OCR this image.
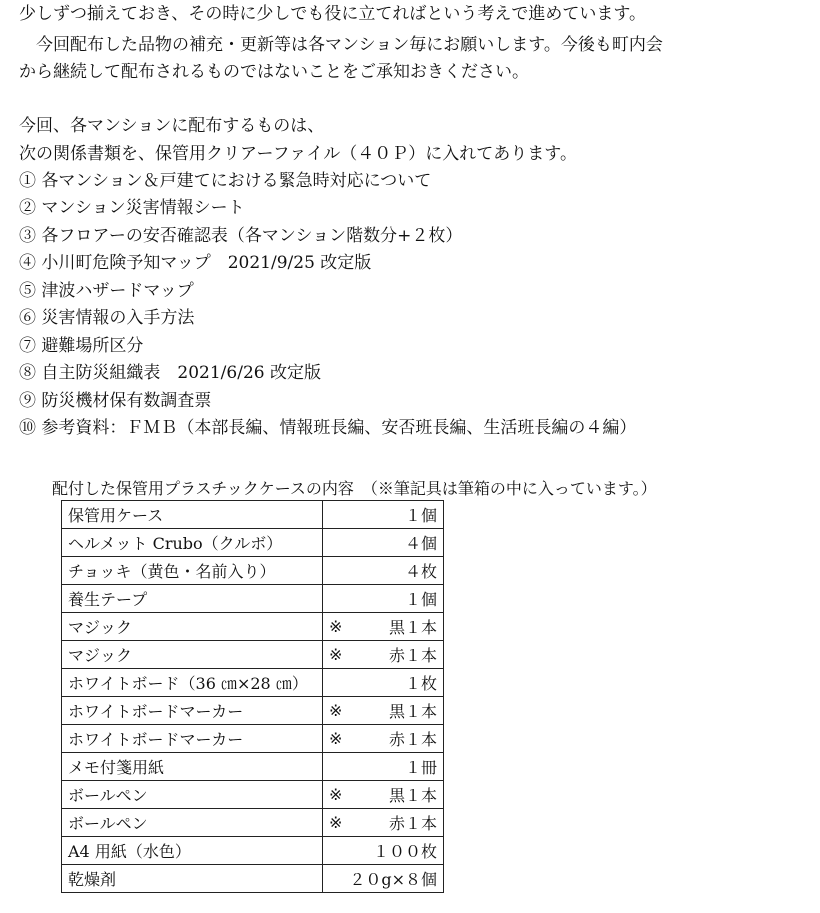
少しずつ揃えておき、その時に少しでも役に立てればという考えで進めています。
　今回配布した品物の補充・更新等は各マンション毎にお願いします。今後も町内会
から継続して配布されるものではないことをご承知おきください。
今回、各マンションに配布するものは、
次の関係書類を、保管用クリアーファイル（４０Ｐ）に入れてあります。
① 各マンション＆戸建てにおける緊急時対応について
② マンション災害情報シート
③ 各フロアーの安否確認表（各マンション階数分+２枚）
④ 小川町危険予知マップ　2021/9/25 改定版
⑤ 津波ハザードマップ
⑥ 災害情報の入手方法
⑦ 避難場所区分
⑧ 自主防災組織表　2021/6/26 改定版
⑨ 防災機材保有数調査票
⑩ 参考資料：ＦＭＢ（本部長編、情報班長編、安否班長編、生活班長編の４編）
配付した保管用プラスチックケースの内容　（※筆記具は筆箱の中に入っています。）
保管用ケース	１個	
ヘルメット Crubo（クルボ）	４個	
チョッキ（黄色・名前入り）	４枚	
養生テープ	１個	
マジック	※	黒１本
マジック	※	赤１本
ホワイトボード（36 ㎝×28 ㎝）	１枚	
ホワイトボードマーカー	※	黒１本
ホワイトボードマーカー	※	赤１本
メモ付箋用紙	１冊	
ボールペン	※	黒１本
ボールペン	※	赤１本
A4 用紙（水色）	１００枚	
乾燥剤	２０g×８個	
